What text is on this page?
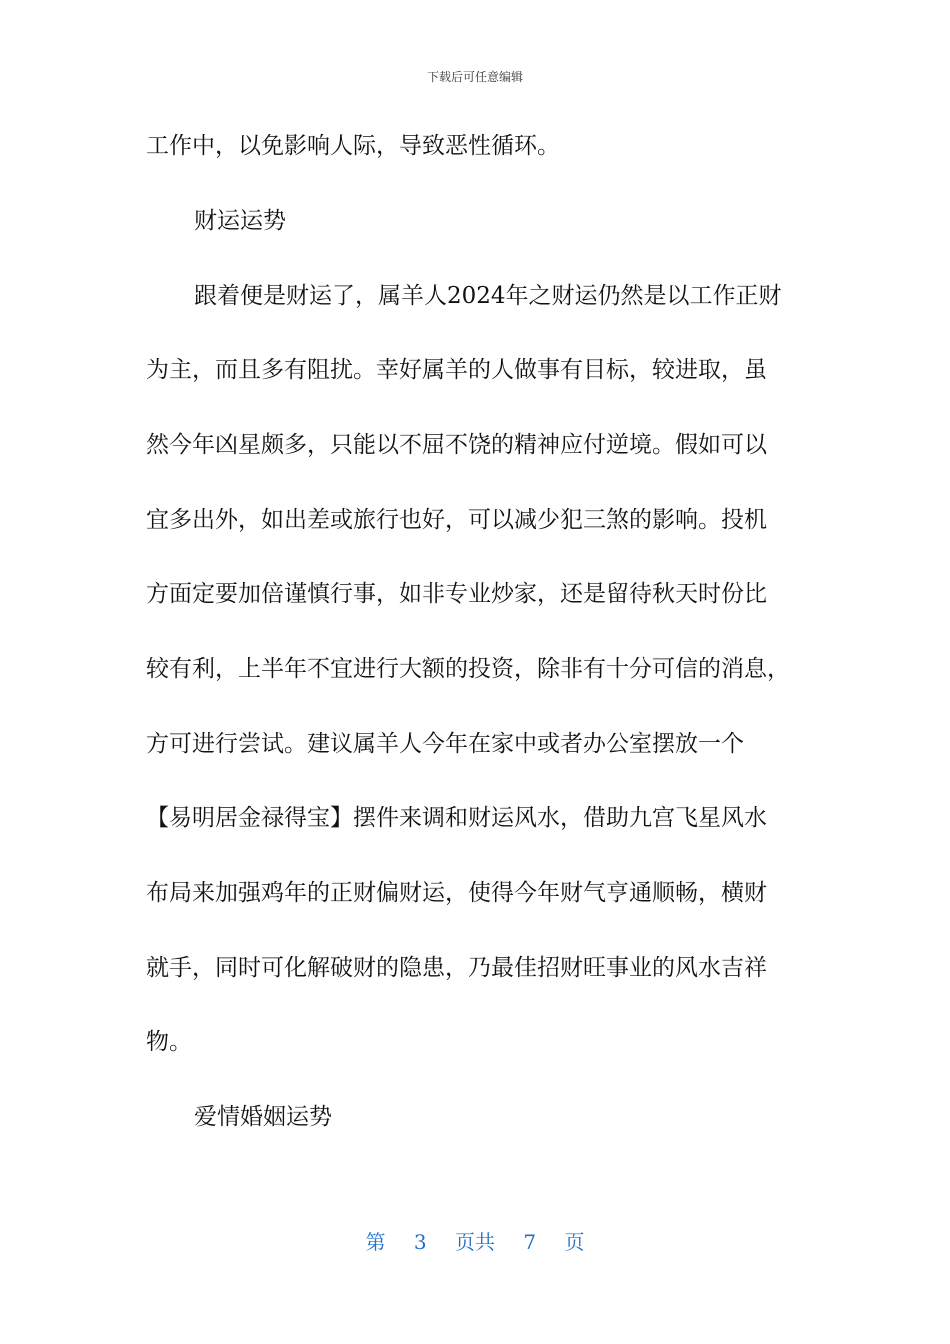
下载后可任意编辑
工作中，以免影响人际，导致恶性循环。
财运运势
跟着便是财运了，属羊人2024年之财运仍然是以工作正财
为主，而且多有阻扰。幸好属羊的人做事有目标，较进取，虽
然今年凶星颇多，只能以不屈不饶的精神应付逆境。假如可以
宜多出外，如出差或旅行也好，可以减少犯三煞的影响。投机
方面定要加倍谨慎行事，如非专业炒家，还是留待秋天时份比
较有利，上半年不宜进行大额的投资，除非有十分可信的消息，
方可进行尝试。建议属羊人今年在家中或者办公室摆放一个
【易明居金禄得宝】摆件来调和财运风水，借助九宫飞星风水
布局来加强鸡年的正财偏财运，使得今年财气亨通顺畅，横财
就手，同时可化解破财的隐患，乃最佳招财旺事业的风水吉祥
物。
爱情婚姻运势
第 3 页共 7 页
